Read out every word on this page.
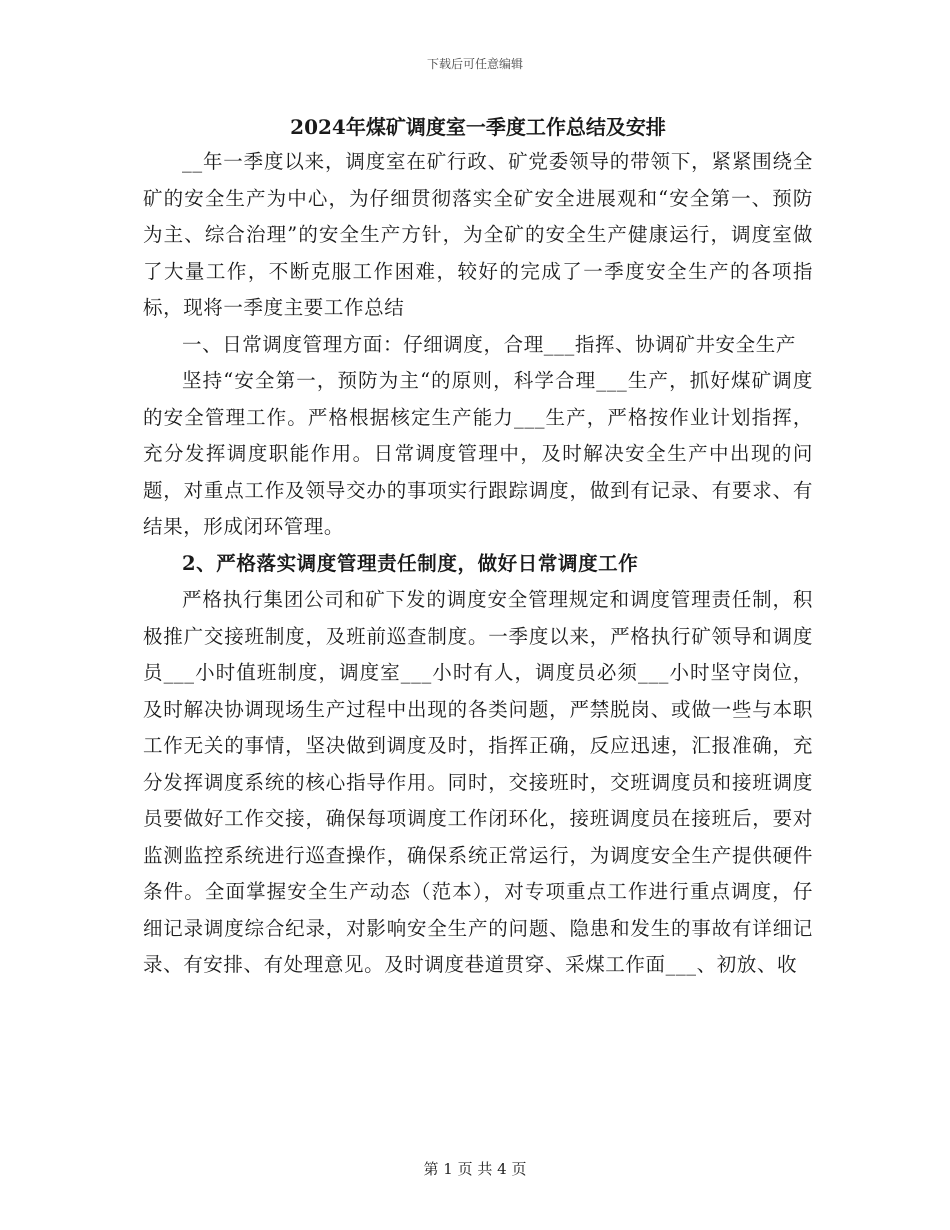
下载后可任意编辑
2024年煤矿调度室一季度工作总结及安排

__年一季度以来，调度室在矿行政、矿党委领导的带领下，紧紧围绕全矿的安全生产为中心，为仔细贯彻落实全矿安全进展观和“安全第一、预防为主、综合治理”的安全生产方针，为全矿的安全生产健康运行，调度室做了大量工作，不断克服工作困难，较好的完成了一季度安全生产的各项指标，现将一季度主要工作总结

一、日常调度管理方面：仔细调度，合理___指挥、协调矿井安全生产

坚持“安全第一，预防为主“的原则，科学合理___生产，抓好煤矿调度的安全管理工作。严格根据核定生产能力___生产，严格按作业计划指挥，充分发挥调度职能作用。日常调度管理中，及时解决安全生产中出现的问题，对重点工作及领导交办的事项实行跟踪调度，做到有记录、有要求、有结果，形成闭环管理。

2、严格落实调度管理责任制度，做好日常调度工作

严格执行集团公司和矿下发的调度安全管理规定和调度管理责任制，积极推广交接班制度，及班前巡查制度。一季度以来，严格执行矿领导和调度员___小时值班制度，调度室___小时有人，调度员必须___小时坚守岗位，及时解决协调现场生产过程中出现的各类问题，严禁脱岗、或做一些与本职工作无关的事情，坚决做到调度及时，指挥正确，反应迅速，汇报准确，充分发挥调度系统的核心指导作用。同时，交接班时，交班调度员和接班调度员要做好工作交接，确保每项调度工作闭环化，接班调度员在接班后，要对监测监控系统进行巡查操作，确保系统正常运行，为调度安全生产提供硬件条件。全面掌握安全生产动态（范本），对专项重点工作进行重点调度，仔细记录调度综合纪录，对影响安全生产的问题、隐患和发生的事故有详细记录、有安排、有处理意见。及时调度巷道贯穿、采煤工作面___、初放、收

第 1 页 共 4 页
